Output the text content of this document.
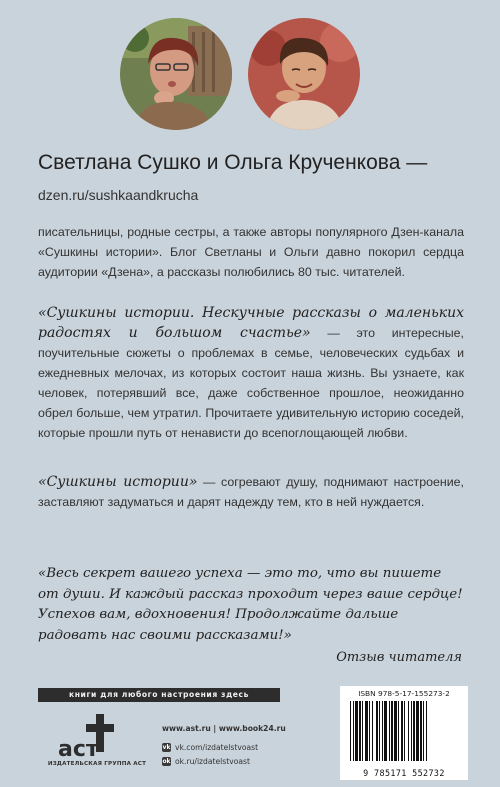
Светлана Сушко и Ольга Крученкова —
dzen.ru/sushkaandkrucha
писательницы, родные сестры, а также авторы популярного Дзен-канала «Сушкины истории». Блог Светланы и Ольги давно покорил сердца аудитории «Дзена», а рассказы полюбились 80 тыс. читателей.
«Сушкины истории. Нескучные рассказы о маленьких радостях и большом счастье» — это интересные, поучительные сюжеты о проблемах в семье, человеческих судьбах и ежедневных мелочах, из которых состоит наша жизнь. Вы узнаете, как человек, потерявший все, даже собственное прошлое, неожиданно обрел больше, чем утратил. Прочитаете удивительную историю соседей, которые прошли путь от ненависти до всепоглощающей любви.
«Сушкины истории» — согревают душу, поднимают настроение, заставляют задуматься и дарят надежду тем, кто в ней нуждается.
«Весь секрет вашего успеха — это то, что вы пишете от души. И каждый рассказ проходит через ваше сердце! Успехов вам, вдохновения! Продолжайте дальше радовать нас своими рассказами!»
Отзыв читателя
книги для любого настроения здесь
аст
ИЗДАТЕЛЬСКАЯ ГРУППА АСТ
www.ast.ru | www.book24.ru
vk vk.com/izdatelstvoast
ok ok.ru/izdatelstvoast
ISBN 978-5-17-155273-2
9 785171 552732
